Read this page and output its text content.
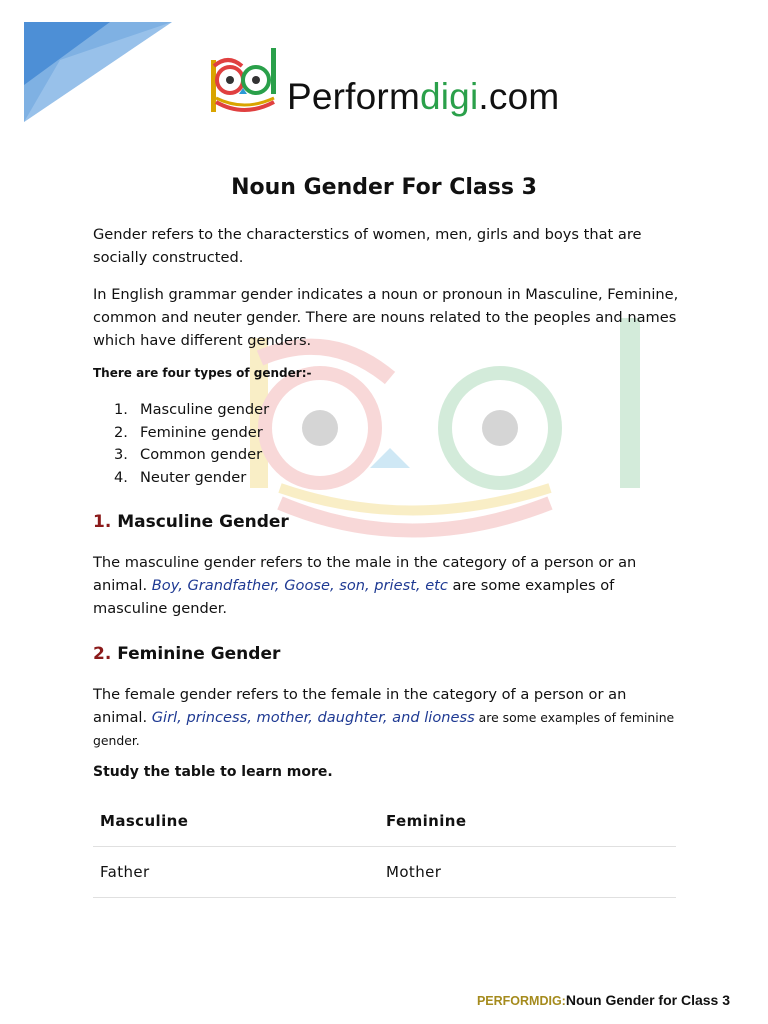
Performdigi.com
Noun Gender For Class 3

Gender refers to the characterstics of women, men, girls and boys that are socially constructed.

In English grammar gender indicates a noun or pronoun in Masculine, Feminine, common and neuter gender. There are nouns related to the peoples and names which have different genders.

There are four types of gender:-

1. Masculine gender
2. Feminine gender
3. Common gender
4. Neuter gender
1. Masculine Gender

The masculine gender refers to the male in the category of a person or an animal. Boy, Grandfather, Goose, son, priest, etc are some examples of masculine gender.

2. Feminine Gender

The female gender refers to the female in the category of a person or an animal. Girl, princess, mother, daughter, and lioness are some examples of feminine gender.

Study the table to learn more.

Masculine	Feminine
Father	Mother
PERFORMDIG:Noun Gender for Class 3
